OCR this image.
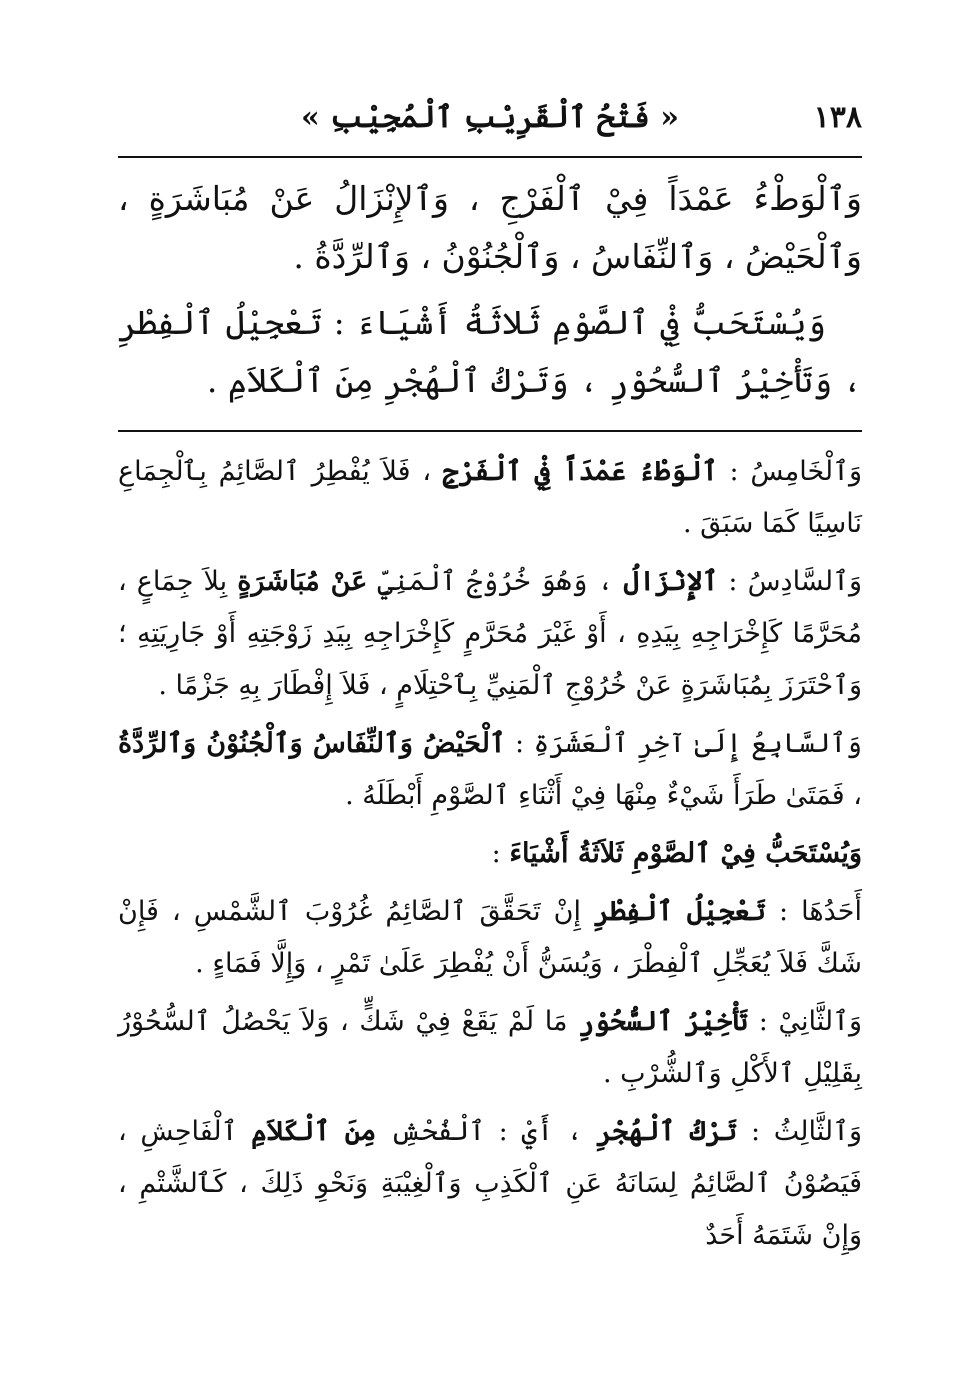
١٣٨
« فَتْحُ ٱلْقَرِيْبِ ٱلْمُجِيْبِ »

وَٱلْوَطْءُ عَمْدَاً فِيْ ٱلْفَرْجِ ، وَٱلإِنْزَالُ عَنْ مُبَاشَرَةٍ ، وَٱلْحَيْضُ ، وَٱلنِّفَاسُ ، وَٱلْجُنُوْنُ ، وَٱلرِّدَّةُ .

وَيُسْتَحَبُّ فِيْ ٱلصَّوْمِ ثَلاثَةُ أَشْيَاءَ : تَعْجِيْلُ ٱلْفِطْرِ ، وَتَأْخِيْرُ ٱلسُّحُوْرِ ، وَتَرْكُ ٱلْهُجْرِ مِنَ ٱلْكَلاَمِ .

وَٱلْخَامِسُ : ٱلْوَطْءُ عَمْدَاً فِيْ ٱلْفَرْجِ ، فَلاَ يُفْطِرُ ٱلصَّائِمُ بِٱلْجِمَاعِ نَاسِيًا كَمَا سَبَقَ .

وَٱلسَّادِسُ : ٱلإِنْزَالُ ، وَهُوَ خُرُوْجُ ٱلْمَنِيِّ عَنْ مُبَاشَرَةٍ بِلاَ جِمَاعٍ ، مُحَرَّمًا كَإِخْرَاجِهِ بِيَدِهِ ، أَوْ غَيْرَ مُحَرَّمٍ كَإِخْرَاجِهِ بِيَدِ زَوْجَتِهِ أَوْ جَارِيَتِهِ ؛ وَٱحْتَرَزَ بِمُبَاشَرَةٍ عَنْ خُرُوْجِ ٱلْمَنِيِّ بِٱحْتِلَامٍ ، فَلاَ إِفْطَارَ بِهِ جَزْمًا .

وَٱلسَّابِعُ إِلَىٰ آخِرِ ٱلْعَشَرَةِ : ٱلْحَيْضُ وَٱلنِّفَاسُ وَٱلْجُنُوْنُ وَٱلرِّدَّةُ ، فَمَتَىٰ طَرَأَ شَيْءٌ مِنْهَا فِيْ أَثْنَاءِ ٱلصَّوْمِ أَبْطَلَهُ .

وَيُسْتَحَبُّ فِيْ ٱلصَّوْمِ ثَلاَثَةُ أَشْيَاءَ :

أَحَدُهَا : تَعْجِيْلُ ٱلْفِطْرِ إِنْ تَحَقَّقَ ٱلصَّائِمُ غُرُوْبَ ٱلشَّمْسِ ، فَإِنْ شَكَّ فَلاَ يُعَجِّلِ ٱلْفِطْرَ ، وَيُسَنُّ أَنْ يُفْطِرَ عَلَىٰ تَمْرٍ ، وَإِلَّا فَمَاءٍ .

وَٱلثَّانِيْ : تَأْخِيْرُ ٱلسُّحُوْرِ مَا لَمْ يَقَعْ فِيْ شَكٍّ ، وَلاَ يَحْصُلُ ٱلسُّحُوْرُ بِقَلِيْلِ ٱلأَكْلِ وَٱلشُّرْبِ .

وَٱلثَّالِثُ : تَرْكُ ٱلْهُجْرِ ، أَيْ : ٱلْفُحْشِ مِنَ ٱلْكَلاَمِ ٱلْفَاحِشِ ، فَيَصُوْنُ ٱلصَّائِمُ لِسَانَهُ عَنِ ٱلْكَذِبِ وَٱلْغِيْبَةِ وَنَحْوِ ذَلِكَ ، كَٱلشَّتْمِ ، وَإِنْ شَتَمَهُ أَحَدٌ
